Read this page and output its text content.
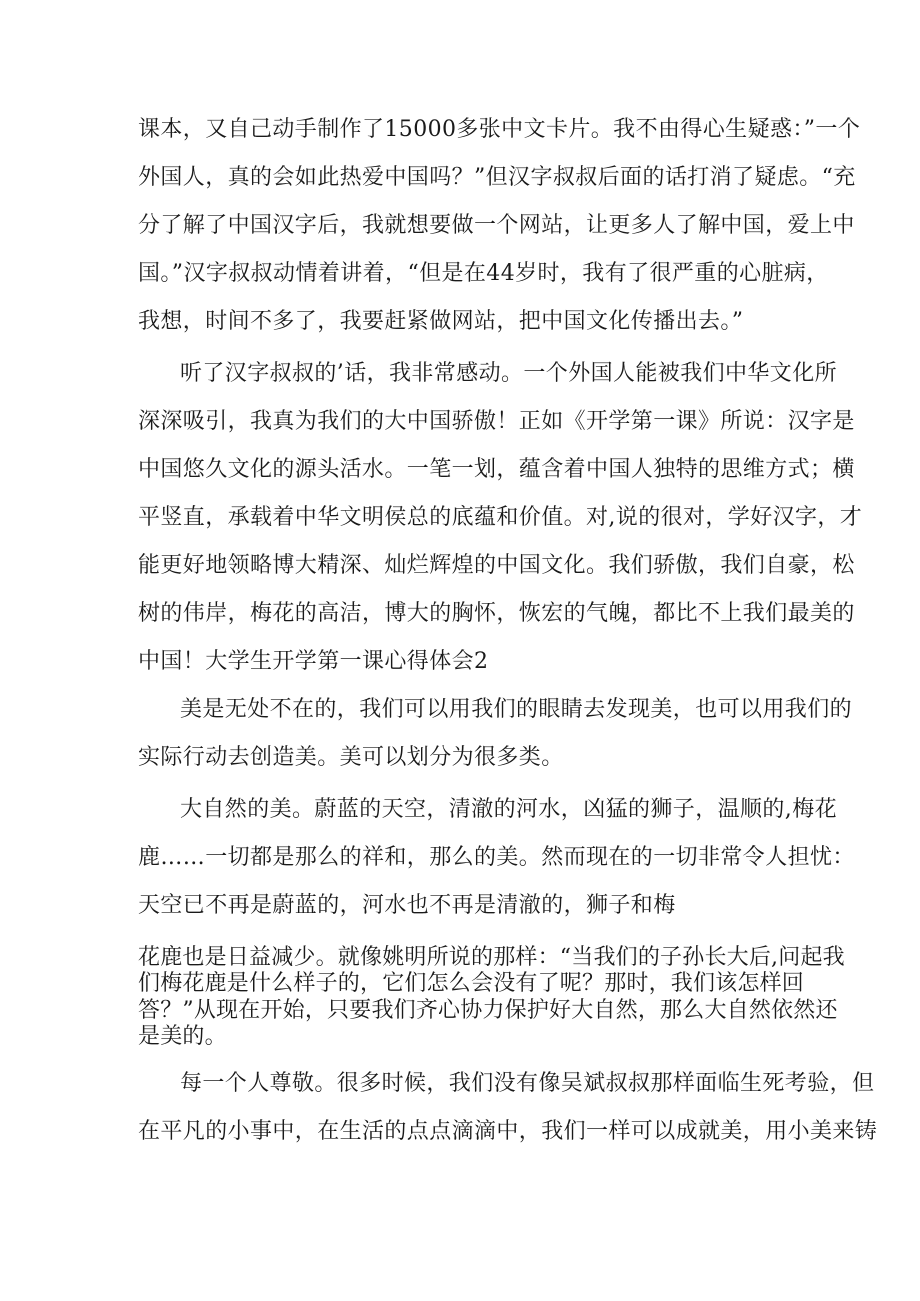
课本，又自己动手制作了15000多张中文卡片。我不由得心生疑惑：”一个
外国人，真的会如此热爱中国吗？”但汉字叔叔后面的话打消了疑虑。“充
分了解了中国汉字后，我就想要做一个网站，让更多人了解中国，爱上中
国。”汉字叔叔动情着讲着，“但是在44岁时，我有了很严重的心脏病，
我想，时间不多了，我要赶紧做网站，把中国文化传播出去。”
听了汉字叔叔的’话，我非常感动。一个外国人能被我们中华文化所
深深吸引，我真为我们的大中国骄傲！正如《开学第一课》所说：汉字是
中国悠久文化的源头活水。一笔一划，蕴含着中国人独特的思维方式；横
平竖直，承载着中华文明侯总的底蕴和价值。对,说的很对，学好汉字，才
能更好地领略博大精深、灿烂辉煌的中国文化。我们骄傲，我们自豪，松
树的伟岸，梅花的高洁，博大的胸怀，恢宏的气魄，都比不上我们最美的
中国！大学生开学第一课心得体会2
美是无处不在的，我们可以用我们的眼睛去发现美，也可以用我们的
实际行动去创造美。美可以划分为很多类。
大自然的美。蔚蓝的天空，清澈的河水，凶猛的狮子，温顺的,梅花
鹿……一切都是那么的祥和，那么的美。然而现在的一切非常令人担忧：
天空已不再是蔚蓝的，河水也不再是清澈的，狮子和梅
花鹿也是日益减少。就像姚明所说的那样：“当我们的子孙长大后,问起我
们梅花鹿是什么样子的，它们怎么会没有了呢？那时，我们该怎样回
答？”从现在开始，只要我们齐心协力保护好大自然，那么大自然依然还
是美的。
每一个人尊敬。很多时候，我们没有像吴斌叔叔那样面临生死考验，但
在平凡的小事中，在生活的点点滴滴中，我们一样可以成就美，用小美来铸
